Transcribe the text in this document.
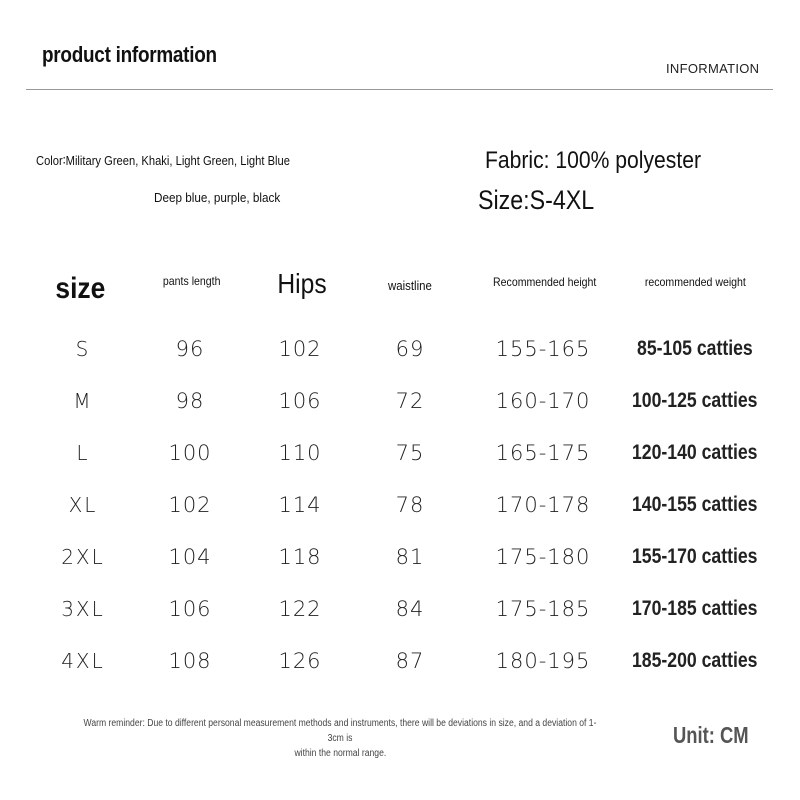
product information
INFORMATION
Color∶Military Green, Khaki, Light Green, Light Blue
Deep blue, purple, black
Fabric: 100% polyester
Size:S-4XL
size	pants length	Hips	waistline	Recommended height	recommended weight
S	96	102	69	155-165	85-105 catties
M	98	106	72	160-170	100-125 catties
L	100	110	75	165-175	120-140 catties
XL	102	114	78	170-178	140-155 catties
2XL	104	118	81	175-180	155-170 catties
3XL	106	122	84	175-185	170-185 catties
4XL	108	126	87	180-195	185-200 catties
Warm reminder: Due to different personal measurement methods and instruments, there will be deviations in size, and a deviation of 1-3cm is
within the normal range.
Unit: CM
